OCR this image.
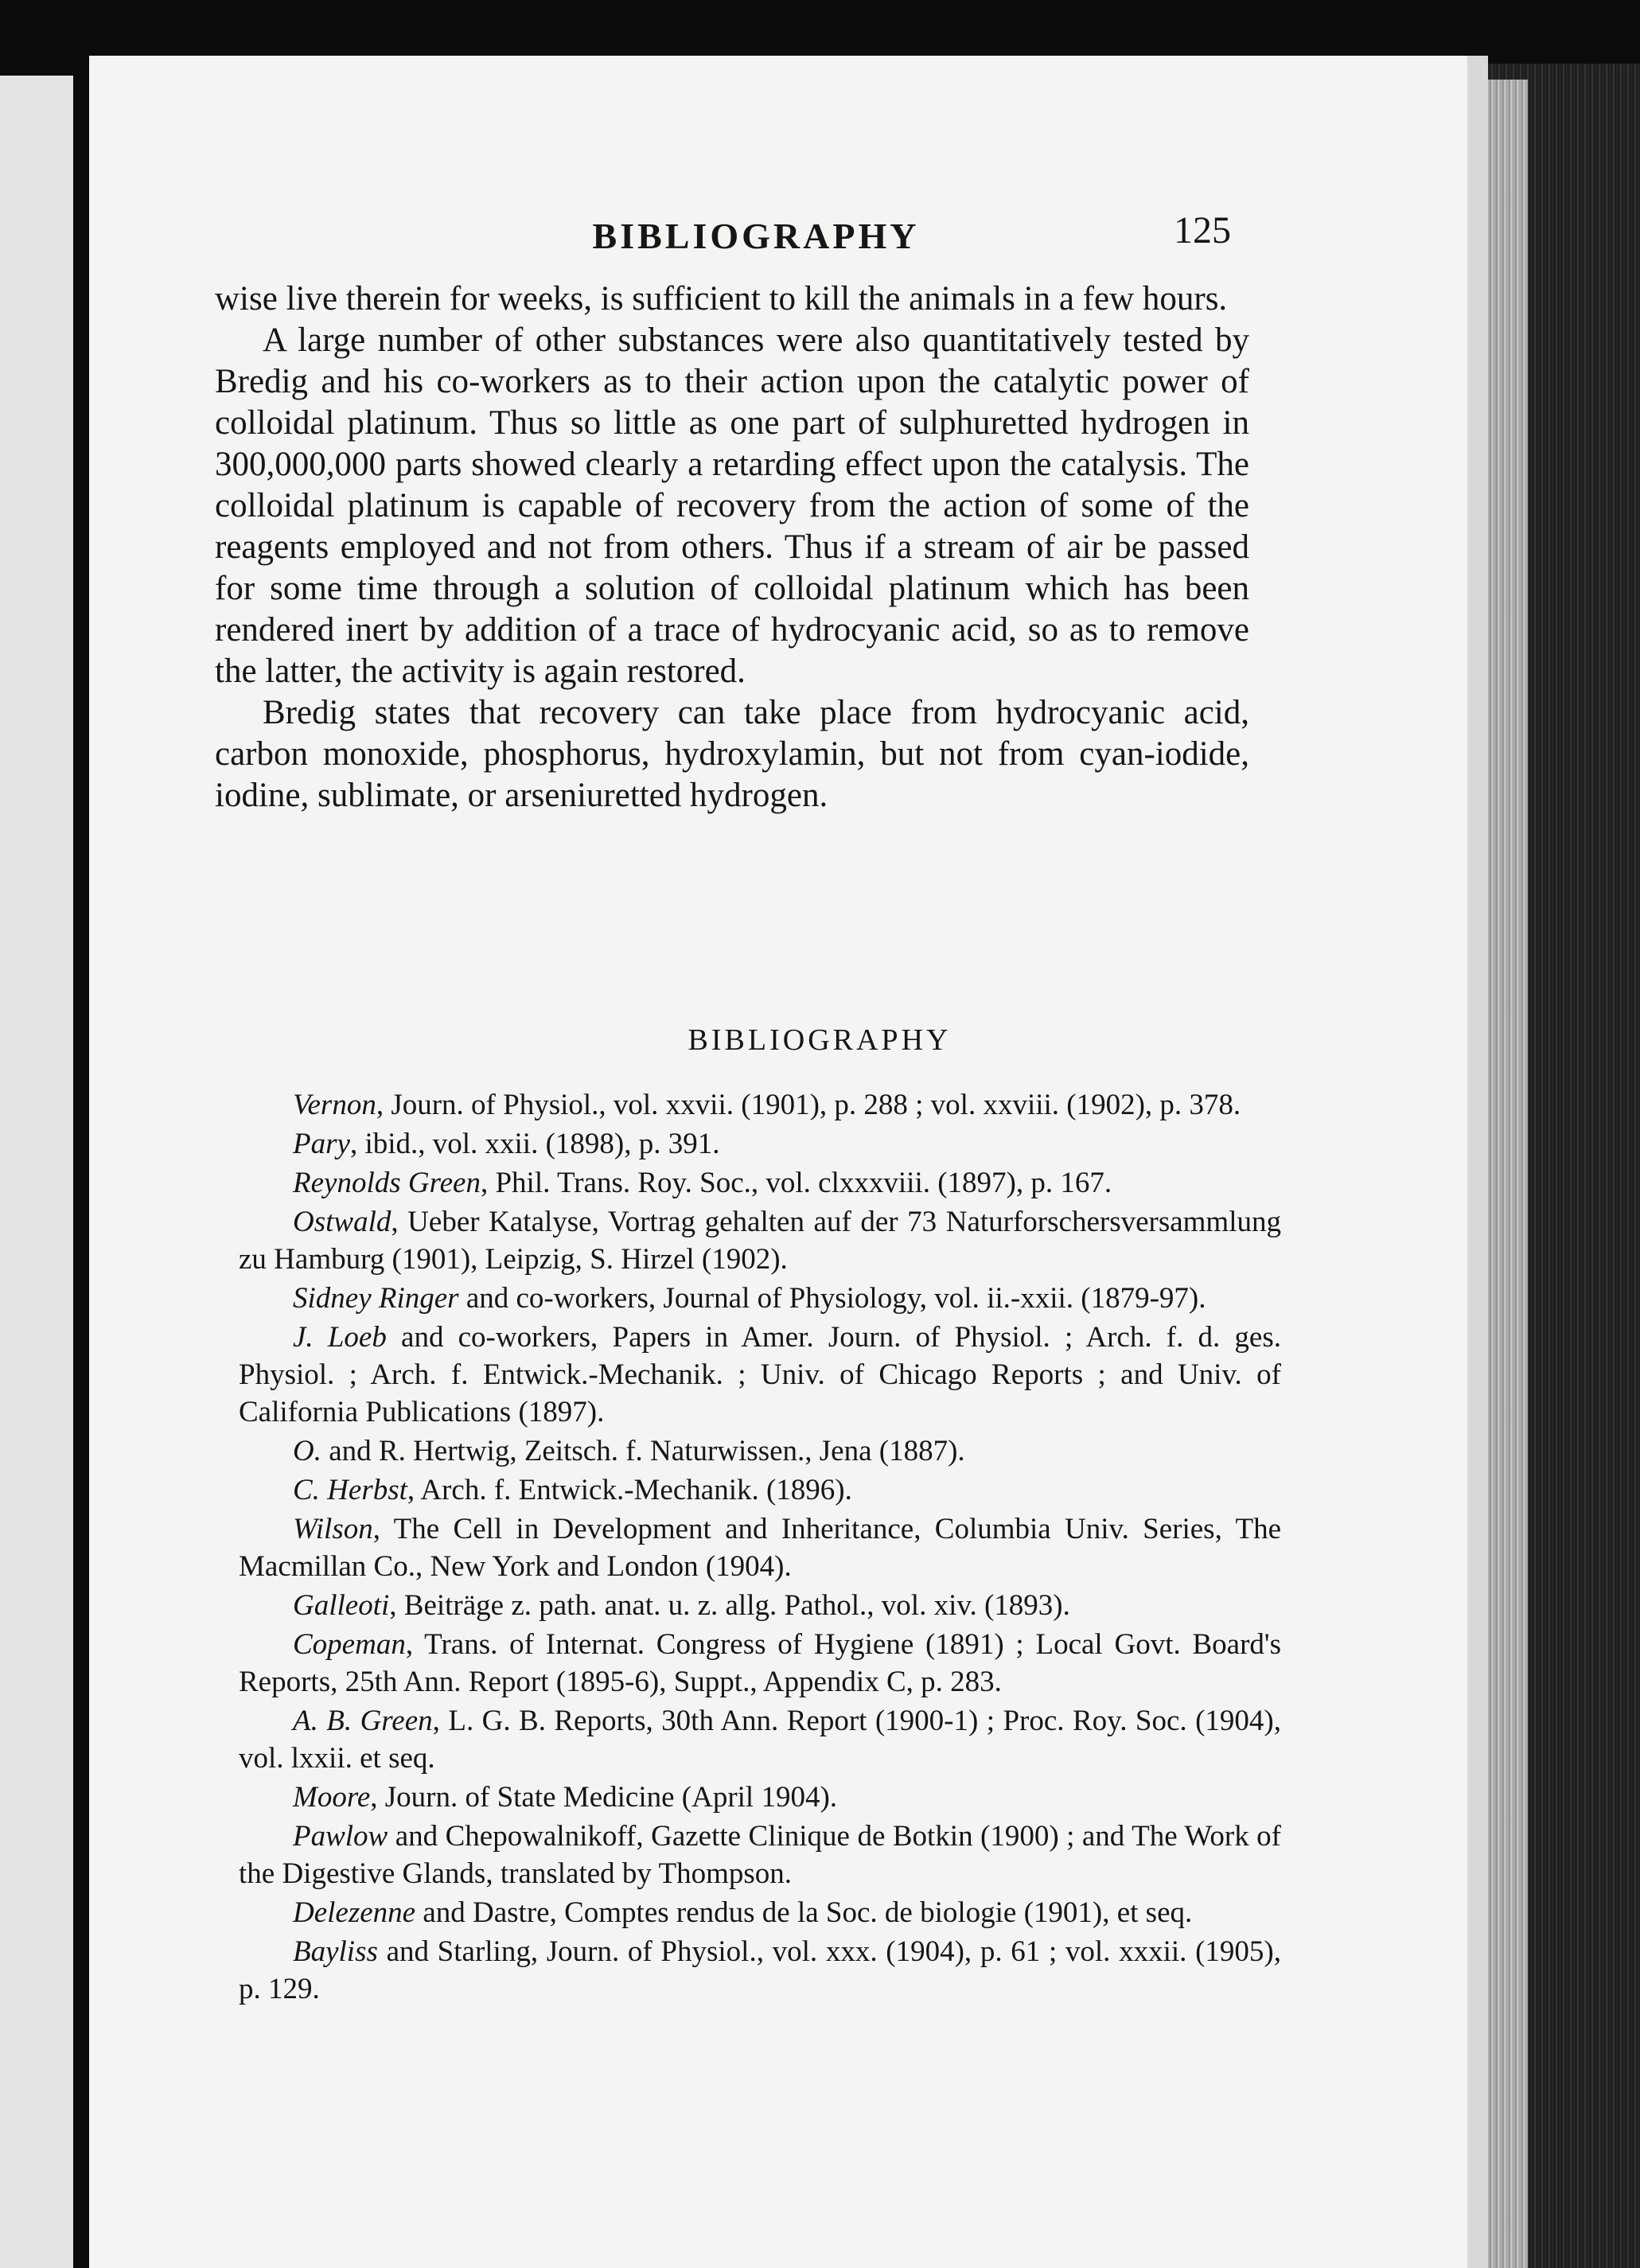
BIBLIOGRAPHY	125

wise live therein for weeks, is sufficient to kill the animals in a few hours.

A large number of other substances were also quantitatively tested by Bredig and his co-workers as to their action upon the catalytic power of colloidal platinum. Thus so little as one part of sulphuretted hydrogen in 300,000,000 parts showed clearly a retarding effect upon the catalysis. The colloidal platinum is capable of recovery from the action of some of the reagents employed and not from others. Thus if a stream of air be passed for some time through a solution of colloidal platinum which has been rendered inert by addition of a trace of hydrocyanic acid, so as to remove the latter, the activity is again restored.

Bredig states that recovery can take place from hydrocyanic acid, carbon monoxide, phosphorus, hydroxylamin, but not from cyan-iodide, iodine, sublimate, or arseniuretted hydrogen.

BIBLIOGRAPHY

Vernon, Journ. of Physiol., vol. xxvii. (1901), p. 288 ; vol. xxviii. (1902), p. 378.

Pary, ibid., vol. xxii. (1898), p. 391.

Reynolds Green, Phil. Trans. Roy. Soc., vol. clxxxviii. (1897), p. 167.

Ostwald, Ueber Katalyse, Vortrag gehalten auf der 73 Naturforschersversammlung zu Hamburg (1901), Leipzig, S. Hirzel (1902).

Sidney Ringer and co-workers, Journal of Physiology, vol. ii.-xxii. (1879-97).

J. Loeb and co-workers, Papers in Amer. Journ. of Physiol. ; Arch. f. d. ges. Physiol. ; Arch. f. Entwick.-Mechanik. ; Univ. of Chicago Reports ; and Univ. of California Publications (1897).

O. and R. Hertwig, Zeitsch. f. Naturwissen., Jena (1887).

C. Herbst, Arch. f. Entwick.-Mechanik. (1896).

Wilson, The Cell in Development and Inheritance, Columbia Univ. Series, The Macmillan Co., New York and London (1904).

Galleoti, Beiträge z. path. anat. u. z. allg. Pathol., vol. xiv. (1893).

Copeman, Trans. of Internat. Congress of Hygiene (1891) ; Local Govt. Board's Reports, 25th Ann. Report (1895-6), Suppt., Appendix C, p. 283.

A. B. Green, L. G. B. Reports, 30th Ann. Report (1900-1) ; Proc. Roy. Soc. (1904), vol. lxxii. et seq.

Moore, Journ. of State Medicine (April 1904).

Pawlow and Chepowalnikoff, Gazette Clinique de Botkin (1900) ; and The Work of the Digestive Glands, translated by Thompson.

Delezenne and Dastre, Comptes rendus de la Soc. de biologie (1901), et seq.

Bayliss and Starling, Journ. of Physiol., vol. xxx. (1904), p. 61 ; vol. xxxii. (1905), p. 129.
